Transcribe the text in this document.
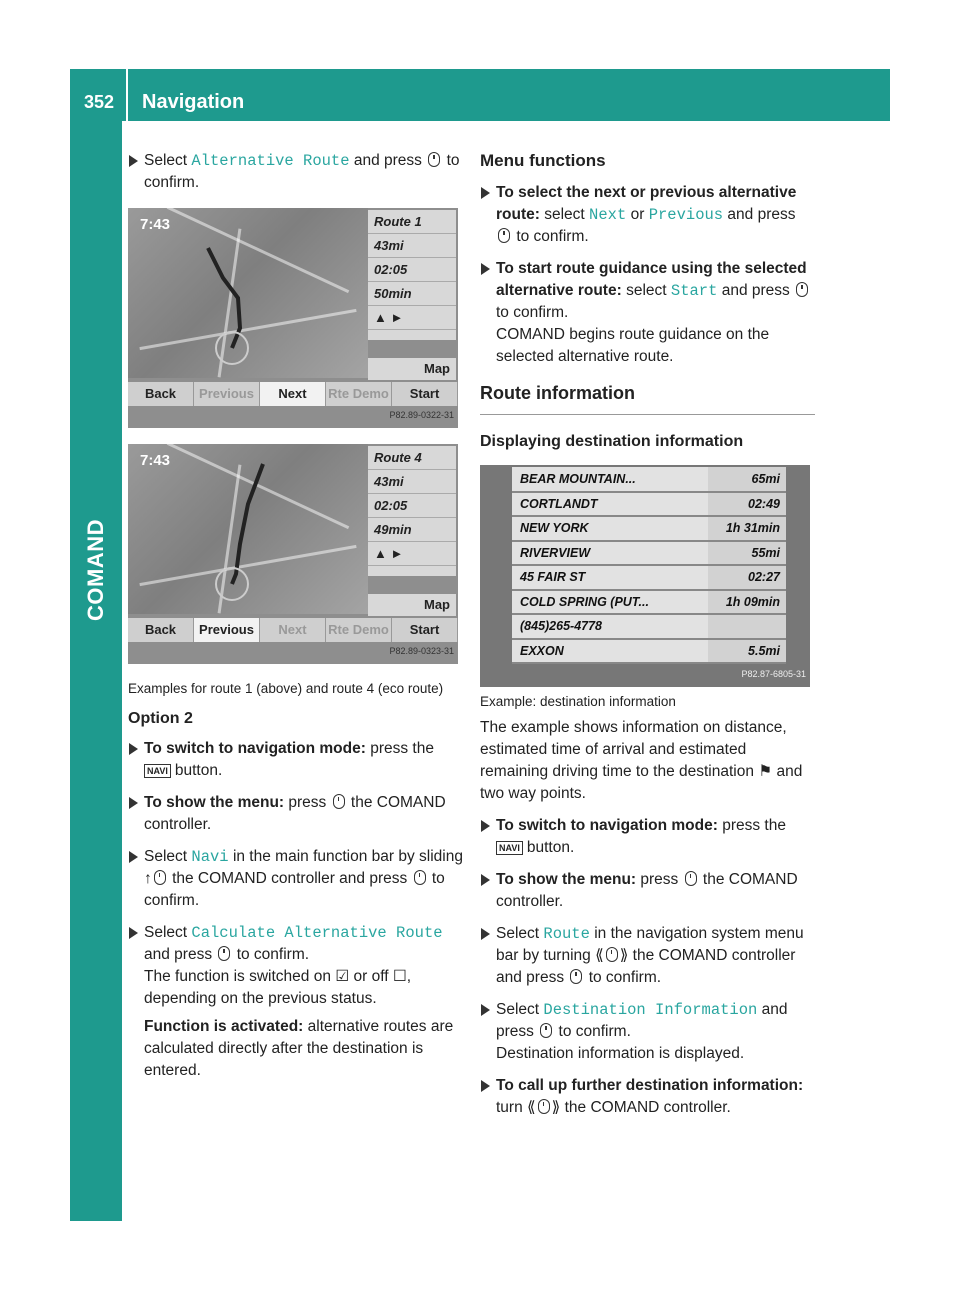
352	Navigation
COMAND
Select Alternative Route and press to confirm.
7:43	Route 1
43mi
02:05
50min
▲ ►
Map
Back	Previous	Next	Rte Demo	Start
P82.89-0322-31
7:43	Route 4
43mi
02:05
49min
▲ ►
Map
Back	Previous	Next	Rte Demo	Start
P82.89-0323-31
Examples for route 1 (above) and route 4 (eco route)
Option 2
To switch to navigation mode: press the NAVI button.
To show the menu: press the COMAND controller.
Select Navi in the main function bar by sliding ↑ the COMAND controller and press to confirm.
Select Calculate Alternative Route and press to confirm.
The function is switched on ☑ or off ☐, depending on the previous status.
Function is activated: alternative routes are calculated directly after the destination is entered.
Menu functions
To select the next or previous alternative route: select Next or Previous and press  to confirm.
To start route guidance using the selected alternative route: select Start and press  to confirm.
COMAND begins route guidance on the selected alternative route.
Route information
Displaying destination information
BEAR MOUNTAIN...	65mi
CORTLANDT	02:49
NEW YORK	1h 31min
RIVERVIEW	55mi
45 FAIR ST	02:27
COLD SPRING (PUT...	1h 09min
(845)265-4778	
EXXON	5.5mi
P82.87-6805-31
Example: destination information

The example shows information on distance, estimated time of arrival and estimated remaining driving time to the destination ⚑ and two way points.

To switch to navigation mode: press the NAVI button.
To show the menu: press the COMAND controller.
Select Route in the navigation system menu bar by turning ⟪ ⟫ the COMAND controller and press to confirm.
Select Destination Information and press to confirm.
Destination information is displayed.
To call up further destination information: turn ⟪ ⟫ the COMAND controller.
